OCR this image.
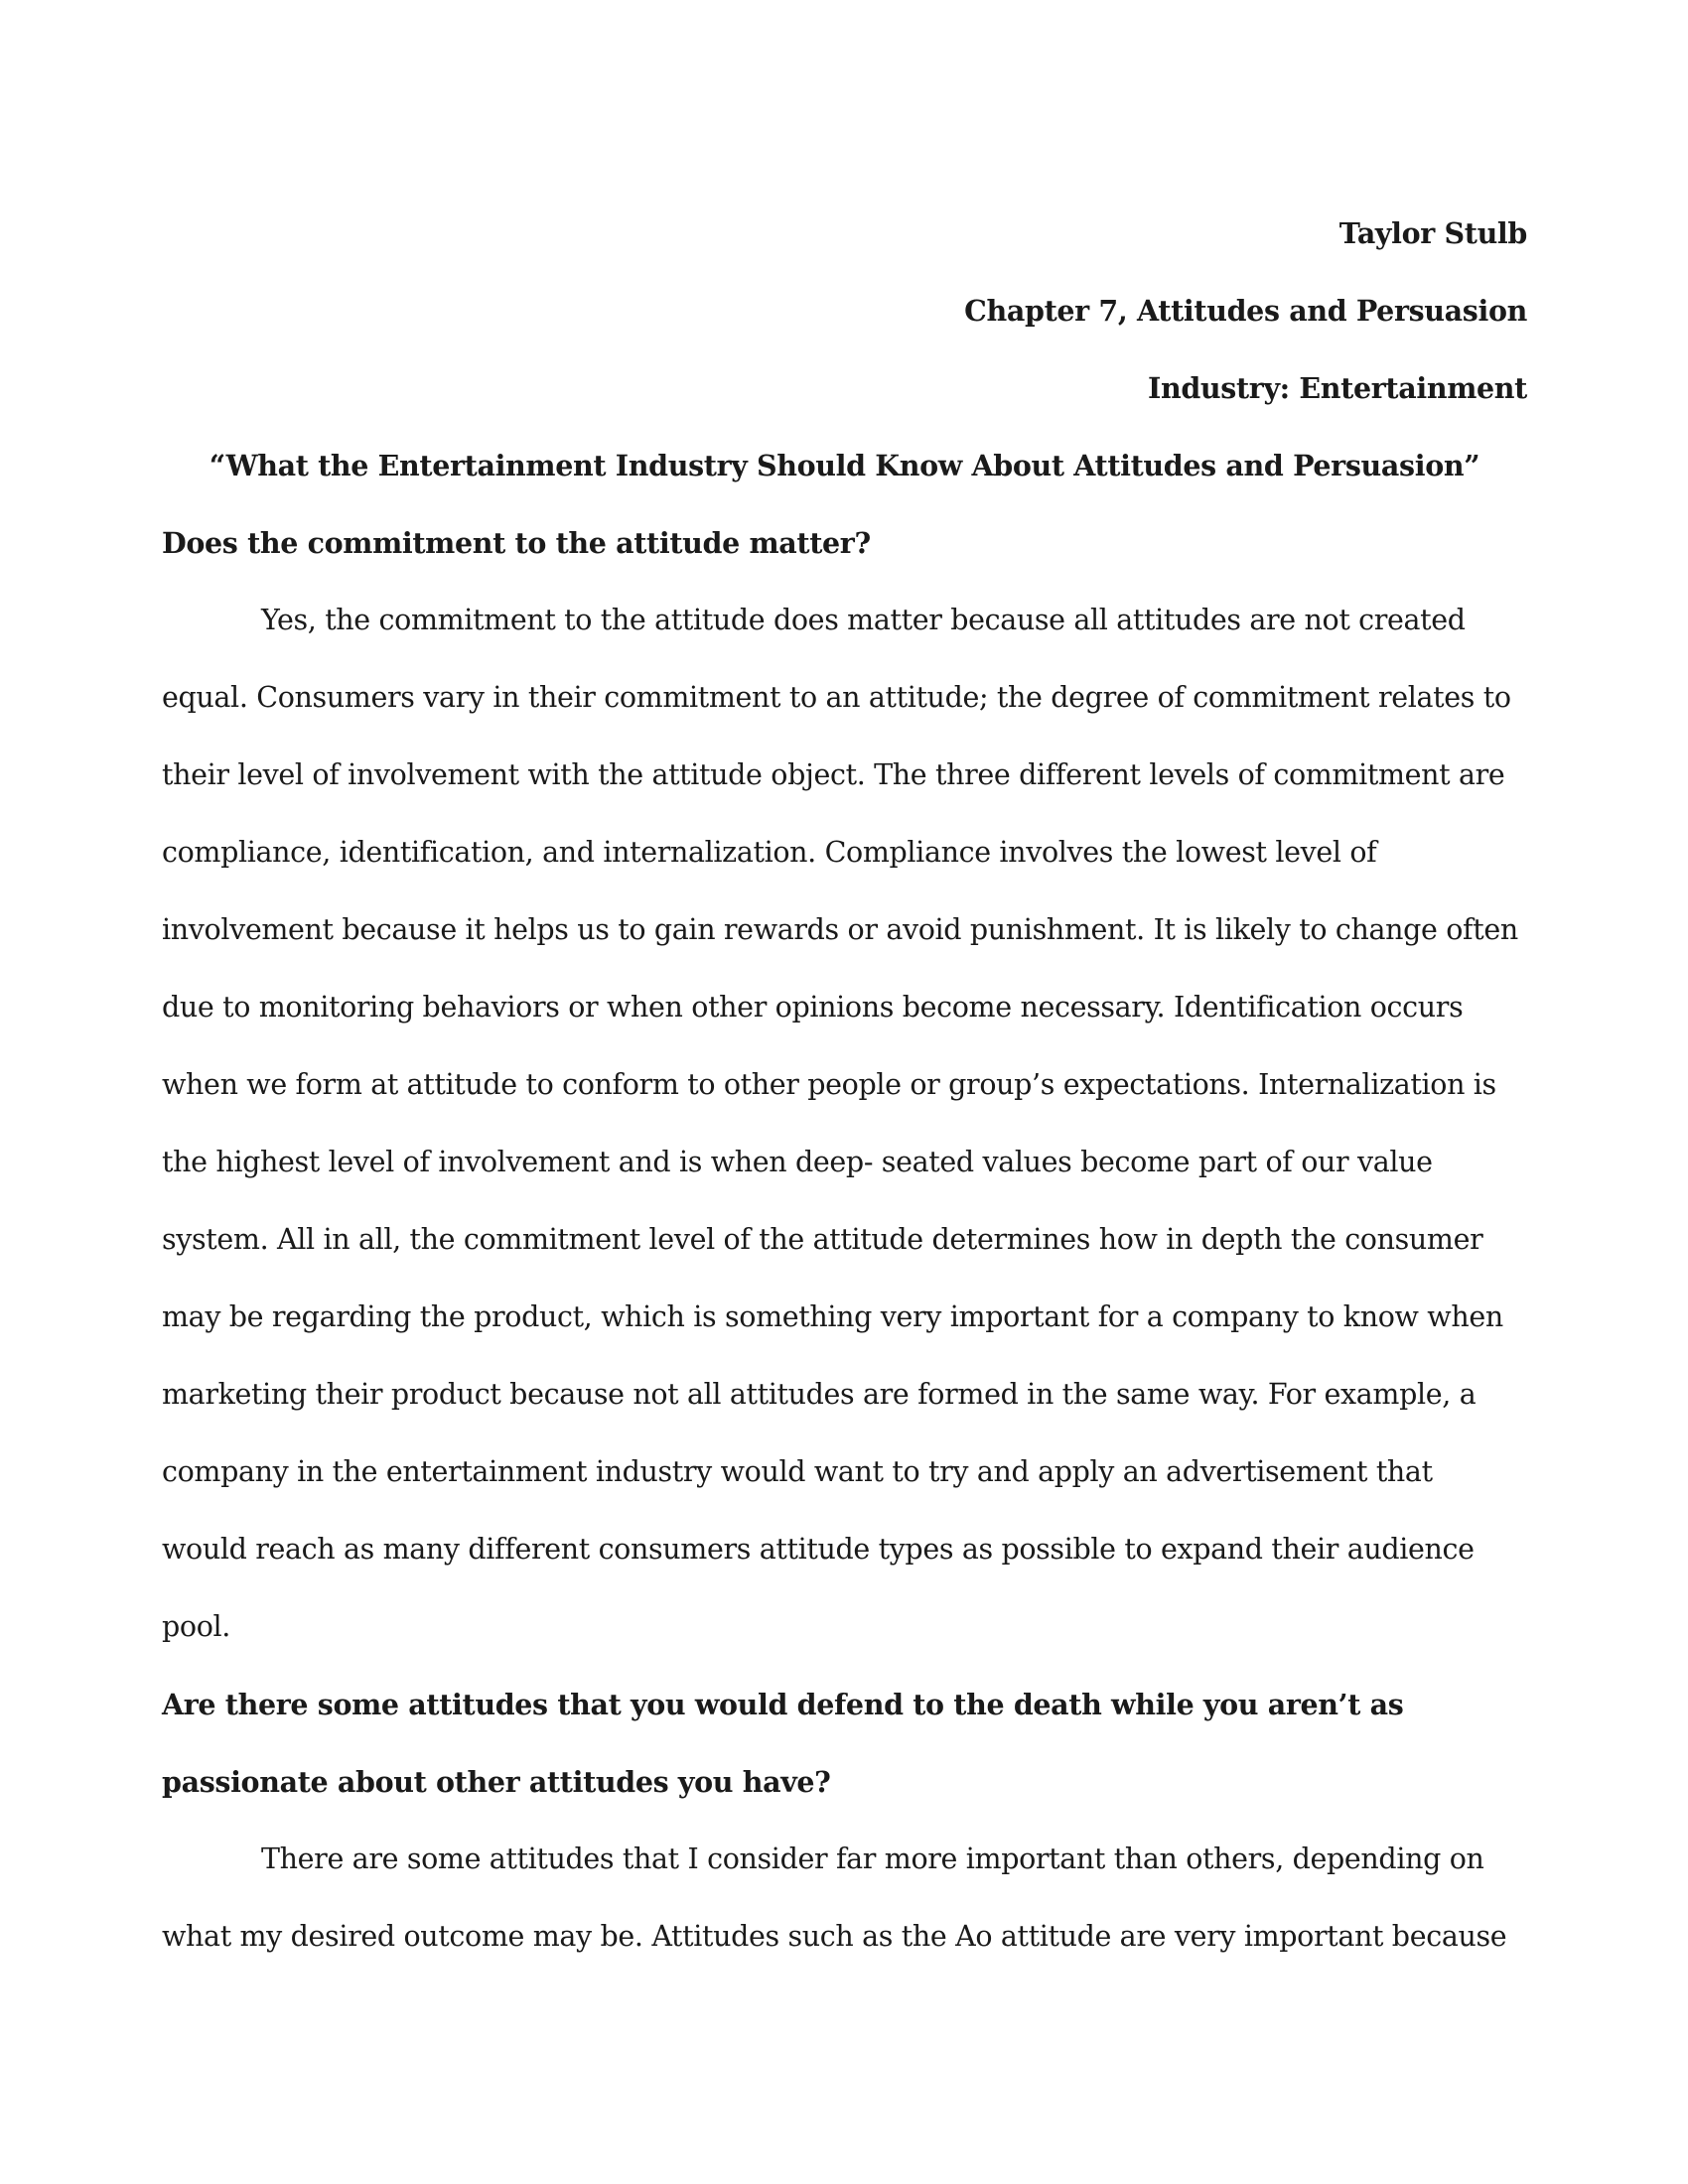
Taylor Stulb
Chapter 7, Attitudes and Persuasion
Industry: Entertainment
“What the Entertainment Industry Should Know About Attitudes and Persuasion”
Does the commitment to the attitude matter?
Yes, the commitment to the attitude does matter because all attitudes are not created
equal. Consumers vary in their commitment to an attitude; the degree of commitment relates to
their level of involvement with the attitude object. The three different levels of commitment are
compliance, identification, and internalization. Compliance involves the lowest level of
involvement because it helps us to gain rewards or avoid punishment. It is likely to change often
due to monitoring behaviors or when other opinions become necessary. Identification occurs
when we form at attitude to conform to other people or group’s expectations. Internalization is
the highest level of involvement and is when deep- seated values become part of our value
system. All in all, the commitment level of the attitude determines how in depth the consumer
may be regarding the product, which is something very important for a company to know when
marketing their product because not all attitudes are formed in the same way. For example, a
company in the entertainment industry would want to try and apply an advertisement that
would reach as many different consumers attitude types as possible to expand their audience
pool.
Are there some attitudes that you would defend to the death while you aren’t as
passionate about other attitudes you have?
There are some attitudes that I consider far more important than others, depending on
what my desired outcome may be. Attitudes such as the Ao attitude are very important because
